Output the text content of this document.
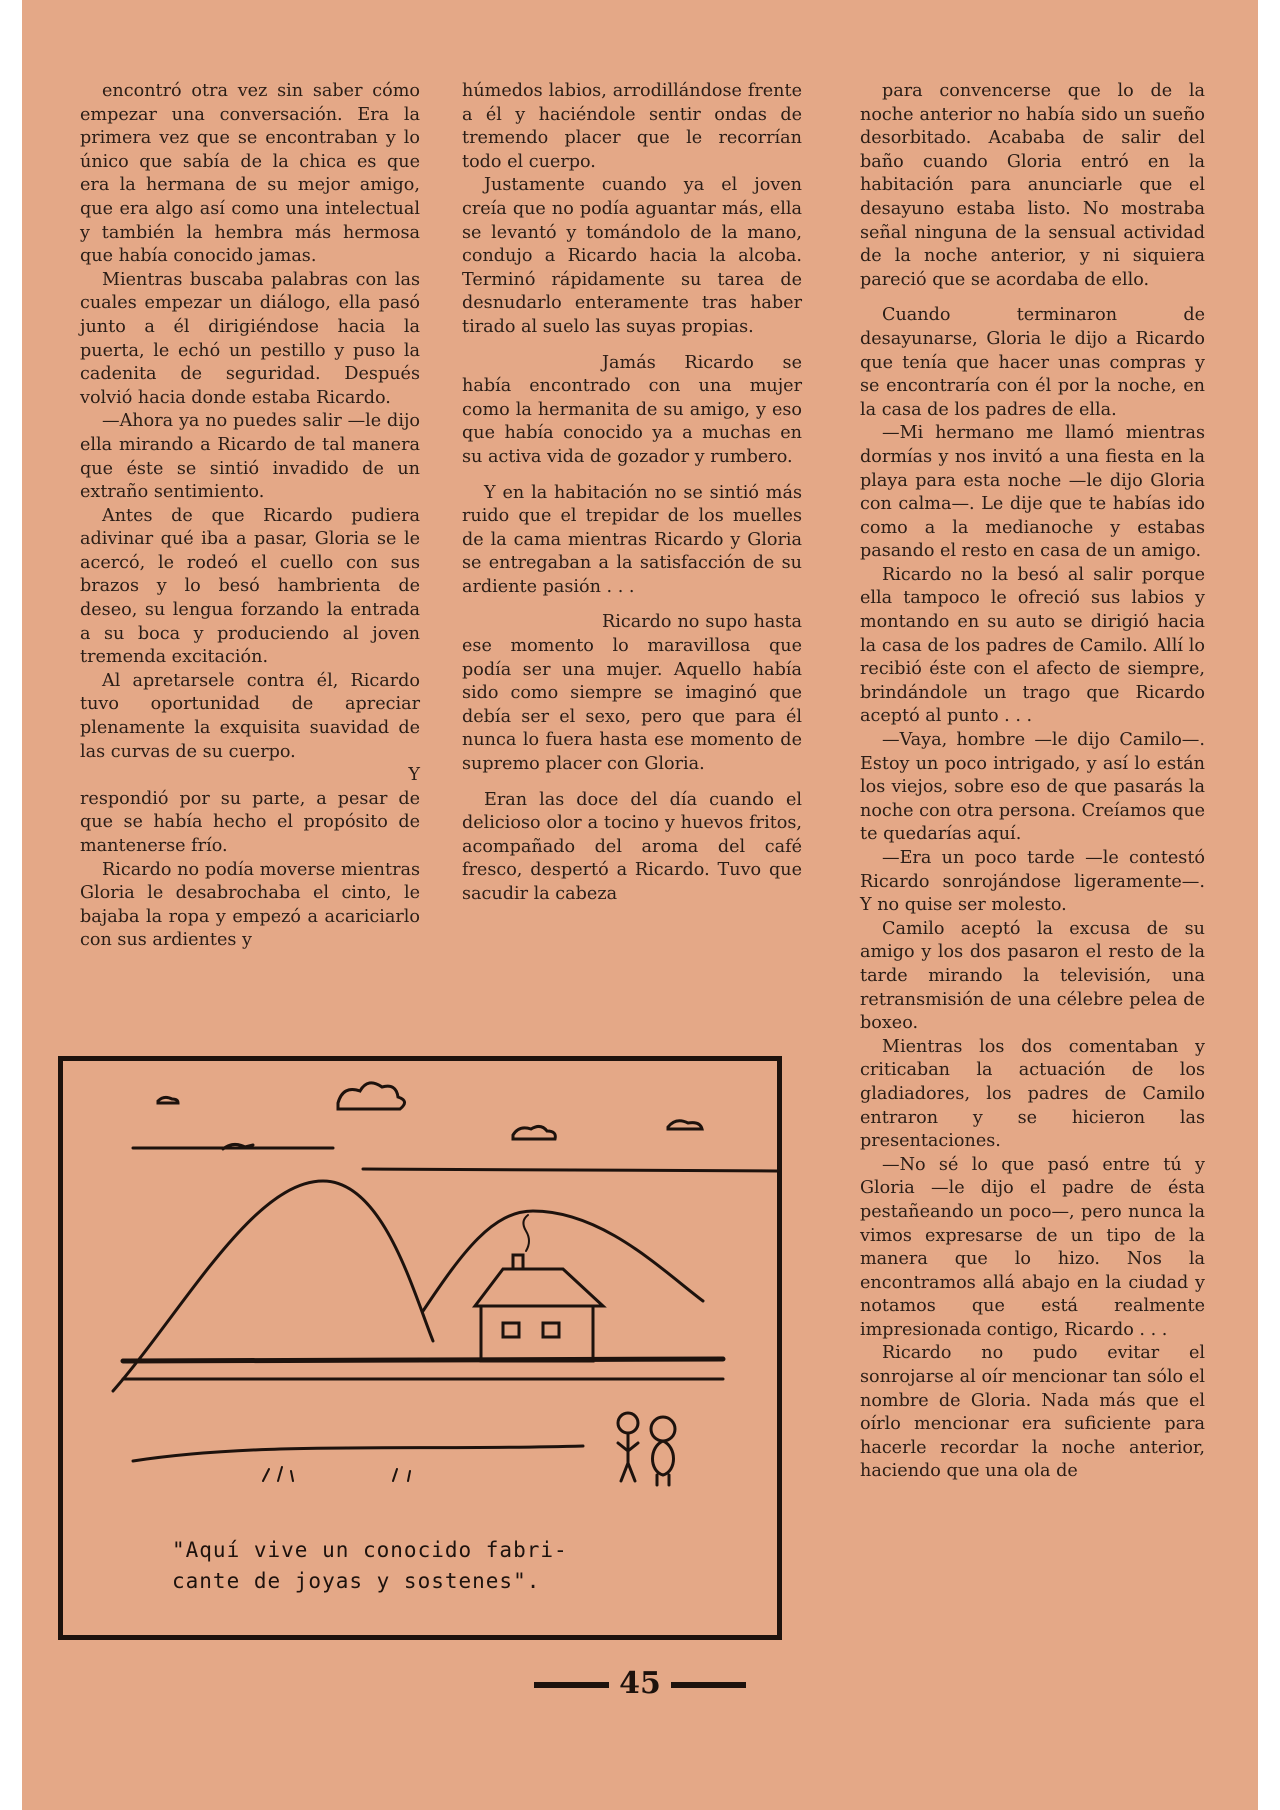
encontró otra vez sin saber cómo empezar una conversación. Era la primera vez que se encontraban y lo único que sabía de la chica es que era la hermana de su mejor amigo, que era algo así como una intelectual y también la hembra más hermosa que había conocido jamas.

Mientras buscaba palabras con las cuales empezar un diálogo, ella pasó junto a él dirigiéndose hacia la puerta, le echó un pestillo y puso la cadenita de seguridad. Después volvió hacia donde estaba Ricardo.

—Ahora ya no puedes salir —le dijo ella mirando a Ricardo de tal manera que éste se sintió invadido de un extraño sentimiento.

Antes de que Ricardo pudiera adivinar qué iba a pasar, Gloria se le acercó, le rodeó el cuello con sus brazos y lo besó hambrienta de deseo, su lengua forzando la entrada a su boca y produciendo al joven tremenda excitación.

Al apretarsele contra él, Ricardo tuvo oportunidad de apreciar plenamente la exquisita suavidad de las curvas de su cuerpo.

Y

respondió por su parte, a pesar de que se había hecho el propósito de mantenerse frío.

Ricardo no podía moverse mientras Gloria le desabrochaba el cinto, le bajaba la ropa y empezó a acariciarlo con sus ardientes y

húmedos labios, arrodillándose frente a él y haciéndole sentir ondas de tremendo placer que le recorrían todo el cuerpo.

Justamente cuando ya el joven creía que no podía aguantar más, ella se levantó y tomándolo de la mano, condujo a Ricardo hacia la alcoba. Terminó rápidamente su tarea de desnudarlo enteramente tras haber tirado al suelo las suyas propias.

Jamás Ricardo se había encontrado con una mujer como la hermanita de su amigo, y eso que había conocido ya a muchas en su activa vida de gozador y rumbero.

Y en la habitación no se sintió más ruido que el trepidar de los muelles de la cama mientras Ricardo y Gloria se entregaban a la satisfacción de su ardiente pasión . . .

Ricardo no supo hasta ese momento lo maravillosa que podía ser una mujer. Aquello había sido como siempre se imaginó que debía ser el sexo, pero que para él nunca lo fuera hasta ese momento de supremo placer con Gloria.

Eran las doce del día cuando el delicioso olor a tocino y huevos fritos, acompañado del aroma del café fresco, despertó a Ricardo. Tuvo que sacudir la cabeza

para convencerse que lo de la noche anterior no había sido un sueño desorbitado. Acababa de salir del baño cuando Gloria entró en la habitación para anunciarle que el desayuno estaba listo. No mostraba señal ninguna de la sensual actividad de la noche anterior, y ni siquiera pareció que se acordaba de ello.

Cuando terminaron de desayunarse, Gloria le dijo a Ricardo que tenía que hacer unas compras y se encontraría con él por la noche, en la casa de los padres de ella.

—Mi hermano me llamó mientras dormías y nos invitó a una fiesta en la playa para esta noche —le dijo Gloria con calma—. Le dije que te habías ido como a la medianoche y estabas pasando el resto en casa de un amigo.

Ricardo no la besó al salir porque ella tampoco le ofreció sus labios y montando en su auto se dirigió hacia la casa de los padres de Camilo. Allí lo recibió éste con el afecto de siempre, brindándole un trago que Ricardo aceptó al punto . . .

—Vaya, hombre —le dijo Camilo—. Estoy un poco intrigado, y así lo están los viejos, sobre eso de que pasarás la noche con otra persona. Creíamos que te quedarías aquí.

—Era un poco tarde —le contestó Ricardo sonrojándose ligeramente—. Y no quise ser molesto.

Camilo aceptó la excusa de su amigo y los dos pasaron el resto de la tarde mirando la televisión, una retransmisión de una célebre pelea de boxeo.

Mientras los dos comentaban y criticaban la actuación de los gladiadores, los padres de Camilo entraron y se hicieron las presentaciones.

—No sé lo que pasó entre tú y Gloria —le dijo el padre de ésta pestañeando un poco—, pero nunca la vimos expresarse de un tipo de la manera que lo hizo. Nos la encontramos allá abajo en la ciudad y notamos que está realmente impresionada contigo, Ricardo . . .

Ricardo no pudo evitar el sonrojarse al oír mencionar tan sólo el nombre de Gloria. Nada más que el oírlo mencionar era suficiente para hacerle recordar la noche anterior, haciendo que una ola de

"Aquí vive un conocido fabri-
cante de joyas y sostenes".
45
